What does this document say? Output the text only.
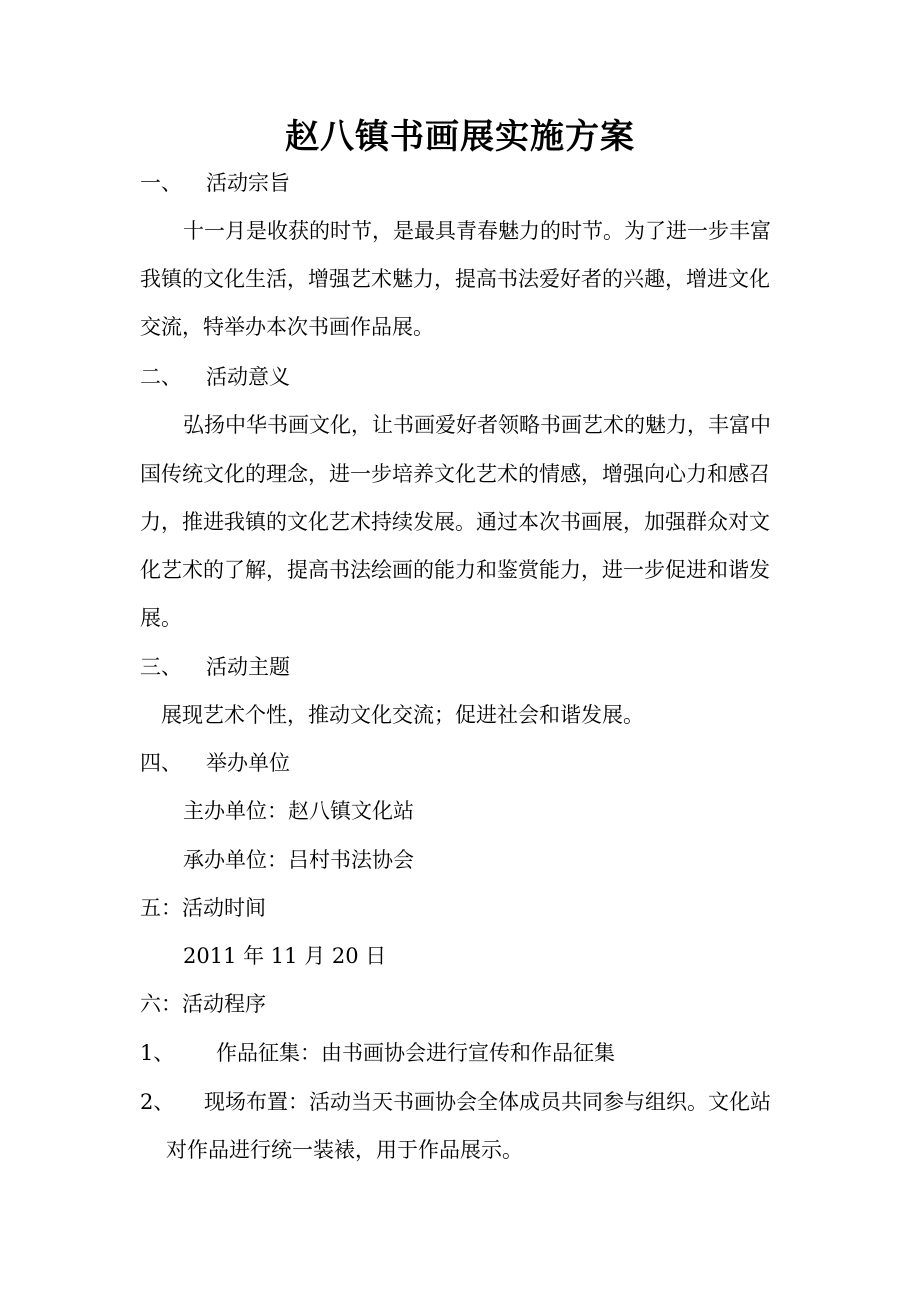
赵八镇书画展实施方案
一、 活动宗旨
十一月是收获的时节，是最具青春魅力的时节。为了进一步丰富
我镇的文化生活，增强艺术魅力，提高书法爱好者的兴趣，增进文化
交流，特举办本次书画作品展。
二、 活动意义
弘扬中华书画文化，让书画爱好者领略书画艺术的魅力，丰富中
国传统文化的理念，进一步培养文化艺术的情感，增强向心力和感召
力，推进我镇的文化艺术持续发展。通过本次书画展，加强群众对文
化艺术的了解，提高书法绘画的能力和鉴赏能力，进一步促进和谐发
展。
三、 活动主题
展现艺术个性，推动文化交流；促进社会和谐发展。
四、 举办单位
主办单位：赵八镇文化站
承办单位：吕村书法协会
五：活动时间
2011 年 11 月 20 日
六：活动程序
1、 作品征集：由书画协会进行宣传和作品征集
2、 现场布置：活动当天书画协会全体成员共同参与组织。文化站
对作品进行统一装裱，用于作品展示。
